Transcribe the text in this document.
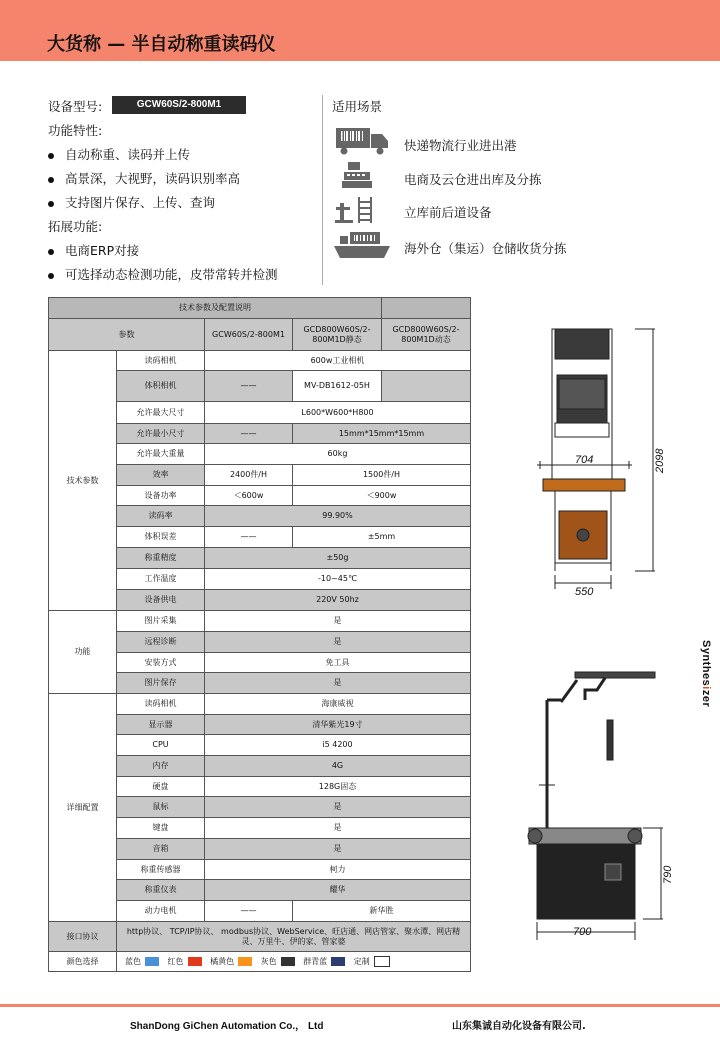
大货称 — 半自动称重读码仪
设备型号:	GCW60S/2-800M1
功能特性:
自动称重、读码并上传
高景深，大视野，读码识别率高
支持图片保存、上传、查询
拓展功能:
电商ERP对接
可选择动态检测功能，皮带常转并检测
适用场景
快递物流行业进出港
电商及云仓进出库及分拣
立库前后道设备
海外仓（集运）仓储收货分拣
技术参数及配置说明				
参数		GCW60S/2-800M1	GCD800W60S/2-800M1D静态	GCD800W60S/2-800M1D动态
技术参数	读码相机	600w工业相机		
	体积相机	——	MV-DB1612-05H	
	允许最大尺寸	L600*W600*H800		
	允许最小尺寸	——	15mm*15mm*15mm	
	允许最大重量	60kg		
	效率	2400件/H	1500件/H	
	设备功率	＜600w	＜900w	
	读码率	99.90%		
	体积误差	——	±5mm	
	称重精度	±50g		
	工作温度	-10~45℃		
	设备供电	220V 50hz		
功能	图片采集	是		
	远程诊断	是		
	安装方式	免工具		
	图片保存	是		
详细配置	读码相机	海康威视		
	显示器	清华紫光19寸		
	CPU	i5 4200		
	内存	4G		
	硬盘	128G固态		
	鼠标	是		
	键盘	是		
	音箱	是		
	称重传感器	柯力		
	称重仪表	耀华		
	动力电机	——	新华胜	
接口协议	http协议、 TCP/IP协议、 modbus协议、WebService、旺店通、网店管家、聚水潭、网店精灵、万里牛、伊的家、管家婆			
颜色选择	蓝色 红色 橘黄色 灰色 群青蓝 定制			
704
550
2098
700
790
Synthesizer
ShanDong GiChen Automation Co.， Ltd	山东集诚自动化设备有限公司.
